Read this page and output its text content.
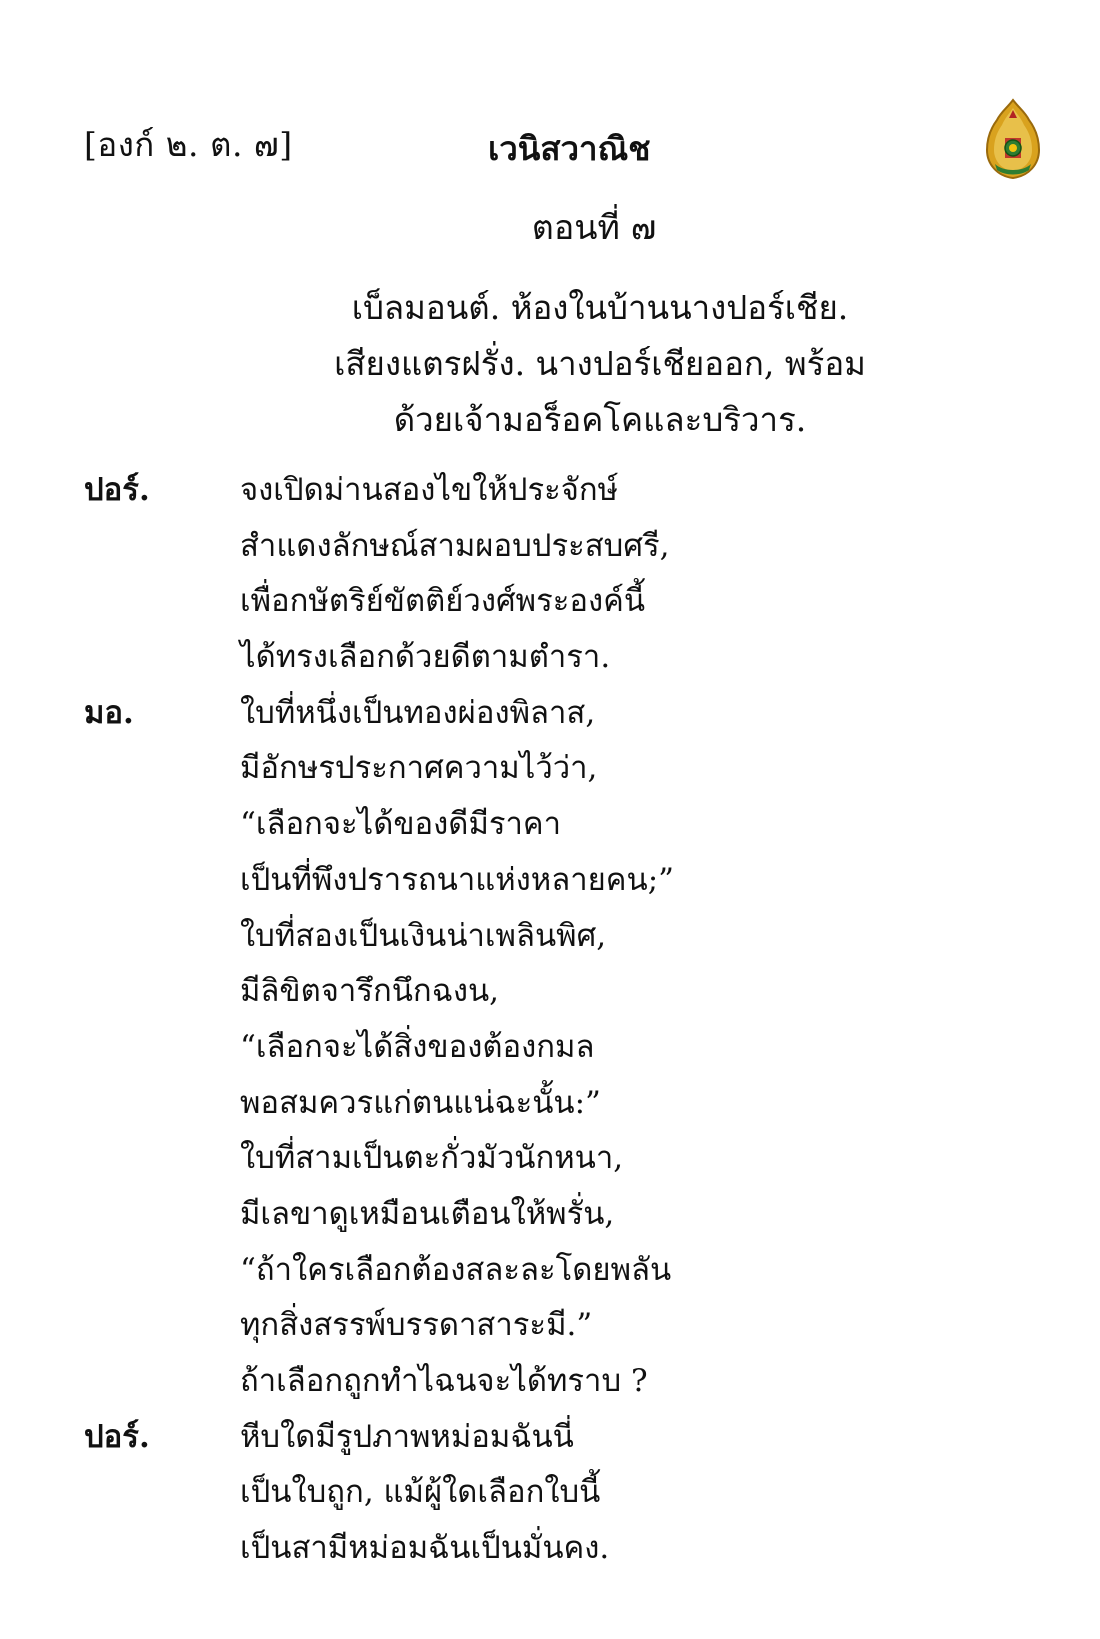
[องก์ ๒. ต. ๗]	เวนิสวาณิช
ตอนที่ ๗
เบ็ลมอนต์. ห้องในบ้านนางปอร์เชีย.
เสียงแตรฝรั่ง. นางปอร์เชียออก, พร้อม
ด้วยเจ้ามอร็อคโคและบริวาร.
ปอร์.	จงเปิดม่านสองไขให้ประจักษ์
สำแดงลักษณ์สามผอบประสบศรี,
เพื่อกษัตริย์ขัตติย์วงศ์พระองค์นี้
ได้ทรงเลือกด้วยดีตามตำรา.
มอ.	ใบที่หนึ่งเป็นทองผ่องพิลาส,
มีอักษรประกาศความไว้ว่า,
“เลือกจะได้ของดีมีราคา
เป็นที่พึงปรารถนาแห่งหลายคน;”
ใบที่สองเป็นเงินน่าเพลินพิศ,
มีลิขิตจารึกนึกฉงน,
“เลือกจะได้สิ่งของต้องกมล
พอสมควรแก่ตนแน่ฉะนั้น:”
ใบที่สามเป็นตะกั่วมัวนักหนา,
มีเลขาดูเหมือนเตือนให้พรั่น,
“ถ้าใครเลือกต้องสละละโดยพลัน
ทุกสิ่งสรรพ์บรรดาสาระมี.”
ถ้าเลือกถูกทำไฉนจะได้ทราบ ?
ปอร์.	หีบใดมีรูปภาพหม่อมฉันนี่
เป็นใบถูก, แม้ผู้ใดเลือกใบนี้
เป็นสามีหม่อมฉันเป็นมั่นคง.
